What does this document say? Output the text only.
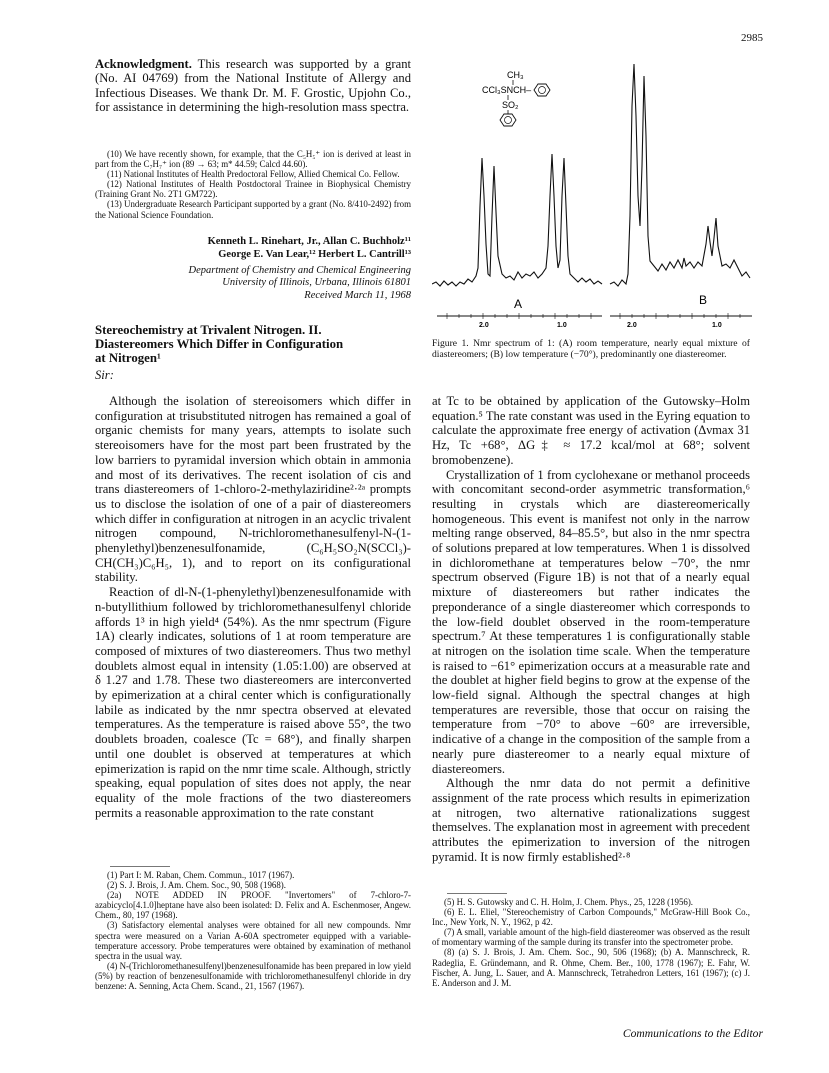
2985

Acknowledgment. This research was supported by a grant (No. AI 04769) from the National Institute of Allergy and Infectious Diseases. We thank Dr. M. F. Grostic, Upjohn Co., for assistance in determining the high-resolution mass spectra.

(10) We have recently shown, for example, that the C₅H₅⁺ ion is derived at least in part from the C₇H₇⁺ ion (89 → 63; m* 44.59; Calcd 44.60).

(11) National Institutes of Health Predoctoral Fellow, Allied Chemical Co. Fellow.

(12) National Institutes of Health Postdoctoral Trainee in Biophysical Chemistry (Training Grant No. 2T1 GM722).

(13) Undergraduate Research Participant supported by a grant (No. 8/410-2492) from the National Science Foundation.

Kenneth L. Rinehart, Jr., Allan C. Buchholz¹¹
George E. Van Lear,¹² Herbert L. Cantrill¹³
Department of Chemistry and Chemical Engineering
University of Illinois, Urbana, Illinois 61801
Received March 11, 1968
Stereochemistry at Trivalent Nitrogen. II.
Diastereomers Which Differ in Configuration
at Nitrogen¹
Sir:

Although the isolation of stereoisomers which differ in configuration at trisubstituted nitrogen has remained a goal of organic chemists for many years, attempts to isolate such stereoisomers have for the most part been frustrated by the low barriers to pyramidal inversion which obtain in ammonia and most of its derivatives. The recent isolation of cis and trans diastereomers of 1-chloro-2-methylaziridine²·²ᵃ prompts us to disclose the isolation of one of a pair of diastereomers which differ in configuration at nitrogen in an acyclic trivalent nitrogen compound, N-trichloromethanesulfenyl-N-(1-phenylethyl)benzenesulfonamide, (C₆H₅SO₂N(SCCl₃)-CH(CH₃)C₆H₅, 1), and to report on its configurational stability.

Reaction of dl-N-(1-phenylethyl)benzenesulfonamide with n-butyllithium followed by trichloromethanesulfenyl chloride affords 1³ in high yield⁴ (54%). As the nmr spectrum (Figure 1A) clearly indicates, solutions of 1 at room temperature are composed of mixtures of two diastereomers. Thus two methyl doublets almost equal in intensity (1.05:1.00) are observed at δ 1.27 and 1.78. These two diastereomers are interconverted by epimerization at a chiral center which is configurationally labile as indicated by the nmr spectra observed at elevated temperatures. As the temperature is raised above 55°, the two doublets broaden, coalesce (Tc = 68°), and finally sharpen until one doublet is observed at temperatures at which epimerization is rapid on the nmr time scale. Although, strictly speaking, equal population of sites does not apply, the near equality of the mole fractions of the two diastereomers permits a reasonable approximation to the rate constant

(1) Part I: M. Raban, Chem. Commun., 1017 (1967).

(2) S. J. Brois, J. Am. Chem. Soc., 90, 508 (1968).

(2a) NOTE ADDED IN PROOF. "Invertomers" of 7-chloro-7-azabicyclo[4.1.0]heptane have also been isolated: D. Felix and A. Eschenmoser, Angew. Chem., 80, 197 (1968).

(3) Satisfactory elemental analyses were obtained for all new compounds. Nmr spectra were measured on a Varian A-60A spectrometer equipped with a variable-temperature accessory. Probe temperatures were obtained by examination of methanol spectra in the usual way.

(4) N-(Trichloromethanesulfenyl)benzenesulfonamide has been prepared in low yield (5%) by reaction of benzenesulfonamide with trichloromethanesulfenyl chloride in dry benzene: A. Senning, Acta Chem. Scand., 21, 1567 (1967).

CH₃
CCl₃SNCH–
SO₂
A	B
2.0	1.0	2.0	1.0
Figure 1. Nmr spectrum of 1: (A) room temperature, nearly equal mixture of diastereomers; (B) low temperature (−70°), predominantly one diastereomer.

at Tc to be obtained by application of the Gutowsky–Holm equation.⁵ The rate constant was used in the Eyring equation to calculate the approximate free energy of activation (Δνmax 31 Hz, Tc +68°, ΔG‡ ≈ 17.2 kcal/mol at 68°; solvent bromobenzene).

Crystallization of 1 from cyclohexane or methanol proceeds with concomitant second-order asymmetric transformation,⁶ resulting in crystals which are diastereomerically homogeneous. This event is manifest not only in the narrow melting range observed, 84–85.5°, but also in the nmr spectra of solutions prepared at low temperatures. When 1 is dissolved in dichloromethane at temperatures below −70°, the nmr spectrum observed (Figure 1B) is not that of a nearly equal mixture of diastereomers but rather indicates the preponderance of a single diastereomer which corresponds to the low-field doublet observed in the room-temperature spectrum.⁷ At these temperatures 1 is configurationally stable at nitrogen on the isolation time scale. When the temperature is raised to −61° epimerization occurs at a measurable rate and the doublet at higher field begins to grow at the expense of the low-field signal. Although the spectral changes at high temperatures are reversible, those that occur on raising the temperature from −70° to above −60° are irreversible, indicative of a change in the composition of the sample from a nearly pure diastereomer to a nearly equal mixture of diastereomers.

Although the nmr data do not permit a definitive assignment of the rate process which results in epimerization at nitrogen, two alternative rationalizations suggest themselves. The explanation most in agreement with precedent attributes the epimerization to inversion of the nitrogen pyramid. It is now firmly established²·⁸

(5) H. S. Gutowsky and C. H. Holm, J. Chem. Phys., 25, 1228 (1956).

(6) E. L. Eliel, "Stereochemistry of Carbon Compounds," McGraw-Hill Book Co., Inc., New York, N. Y., 1962, p 42.

(7) A small, variable amount of the high-field diastereomer was observed as the result of momentary warming of the sample during its transfer into the spectrometer probe.

(8) (a) S. J. Brois, J. Am. Chem. Soc., 90, 506 (1968); (b) A. Mannschreck, R. Radeglia, E. Gründemann, and R. Ohme, Chem. Ber., 100, 1778 (1967); E. Fahr, W. Fischer, A. Jung, L. Sauer, and A. Mannschreck, Tetrahedron Letters, 161 (1967); (c) J. E. Anderson and J. M.

Communications to the Editor
